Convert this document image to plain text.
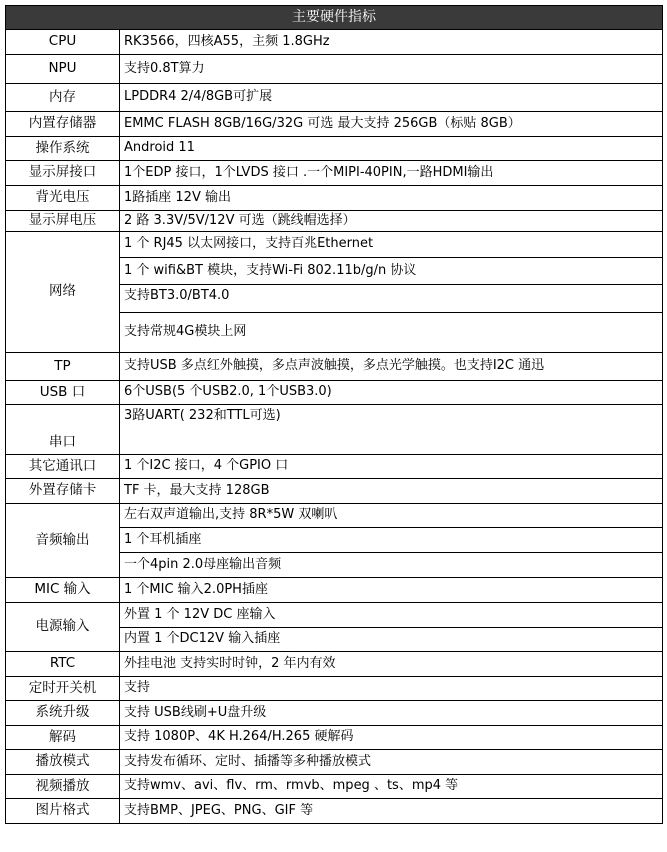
主要硬件指标	
CPU	RK3566，四核A55，主频 1.8GHz
NPU	支持0.8T算力
内存	LPDDR4 2/4/8GB可扩展
内置存储器	EMMC FLASH 8GB/16G/32G 可选 最大支持 256GB（标贴 8GB）
操作系统	Android 11
显示屏接口	1个EDP 接口，1个LVDS 接口 .一个MIPI-40PIN,一路HDMI输出
背光电压	1路插座 12V 输出
显示屏电压	2 路 3.3V/5V/12V 可选（跳线帽选择）
网络	1 个 RJ45 以太网接口，支持百兆Ethernet
	1 个 wifi&BT 模块，支持Wi-Fi 802.11b/g/n 协议
	支持BT3.0/BT4.0
	支持常规4G模块上网
TP	支持USB 多点红外触摸，多点声波触摸，多点光学触摸。也支持I2C 通迅
USB 口	6个USB(5 个USB2.0, 1个USB3.0)
串口	3路UART( 232和TTL可选)
其它通讯口	1 个I2C 接口，4 个GPIO 口
外置存储卡	TF 卡，最大支持 128GB
音频输出	左右双声道输出,支持 8R*5W 双喇叭
	1 个耳机插座
	一个4pin 2.0母座输出音频
MIC 输入	1 个MIC 输入2.0PH插座
电源输入	外置 1 个 12V DC 座输入
	内置 1 个DC12V 输入插座
RTC	外挂电池 支持实时时钟，2 年内有效
定时开关机	支持
系统升级	支持 USB线刷+U盘升级
解码	支持 1080P、4K H.264/H.265 硬解码
播放模式	支持发布循环、定时、插播等多种播放模式
视频播放	支持wmv、avi、flv、rm、rmvb、mpeg 、ts、mp4 等
图片格式	支持BMP、JPEG、PNG、GIF 等
